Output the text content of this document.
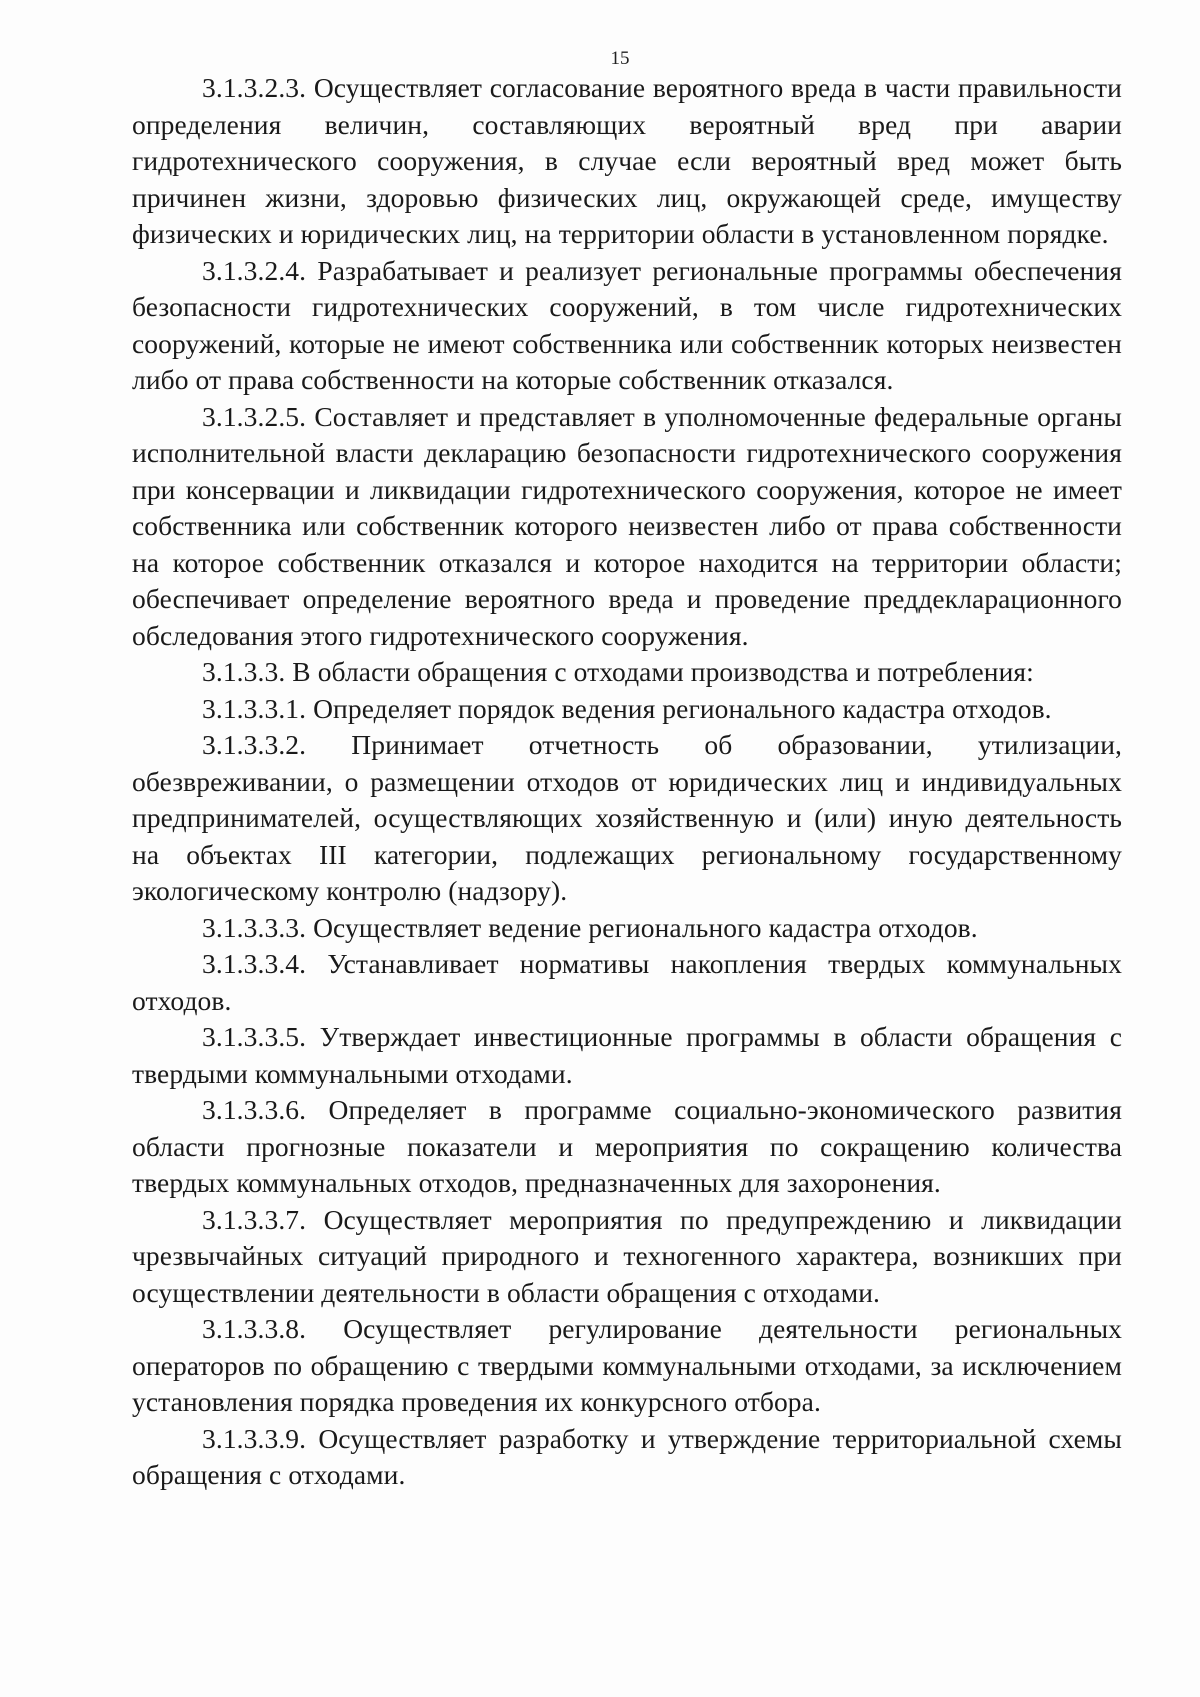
15

3.1.3.2.3. Осуществляет согласование вероятного вреда в части правильности определения величин, составляющих вероятный вред при аварии гидротехнического сооружения, в случае если вероятный вред может быть причинен жизни, здоровью физических лиц, окружающей среде, имуществу физических и юридических лиц, на территории области в установленном порядке.

3.1.3.2.4. Разрабатывает и реализует региональные программы обеспечения безопасности гидротехнических сооружений, в том числе гидротехнических сооружений, которые не имеют собственника или собственник которых неизвестен либо от права собственности на которые собственник отказался.

3.1.3.2.5. Составляет и представляет в уполномоченные федеральные органы исполнительной власти декларацию безопасности гидротехнического сооружения при консервации и ликвидации гидротехнического сооружения, которое не имеет собственника или собственник которого неизвестен либо от права собственности на которое собственник отказался и которое находится на территории области; обеспечивает определение вероятного вреда и проведение преддекларационного обследования этого гидротехнического сооружения.

3.1.3.3. В области обращения с отходами производства и потребления:

3.1.3.3.1. Определяет порядок ведения регионального кадастра отходов.

3.1.3.3.2. Принимает отчетность об образовании, утилизации, обезвреживании, о размещении отходов от юридических лиц и индивидуальных предпринимателей, осуществляющих хозяйственную и (или) иную деятельность на объектах III категории, подлежащих региональному государственному экологическому контролю (надзору).

3.1.3.3.3. Осуществляет ведение регионального кадастра отходов.

3.1.3.3.4. Устанавливает нормативы накопления твердых коммунальных отходов.

3.1.3.3.5. Утверждает инвестиционные программы в области обращения с твердыми коммунальными отходами.

3.1.3.3.6. Определяет в программе социально-экономического развития области прогнозные показатели и мероприятия по сокращению количества твердых коммунальных отходов, предназначенных для захоронения.

3.1.3.3.7. Осуществляет мероприятия по предупреждению и ликвидации чрезвычайных ситуаций природного и техногенного характера, возникших при осуществлении деятельности в области обращения с отходами.

3.1.3.3.8. Осуществляет регулирование деятельности региональных операторов по обращению с твердыми коммунальными отходами, за исключением установления порядка проведения их конкурсного отбора.

3.1.3.3.9. Осуществляет разработку и утверждение территориальной схемы обращения с отходами.
